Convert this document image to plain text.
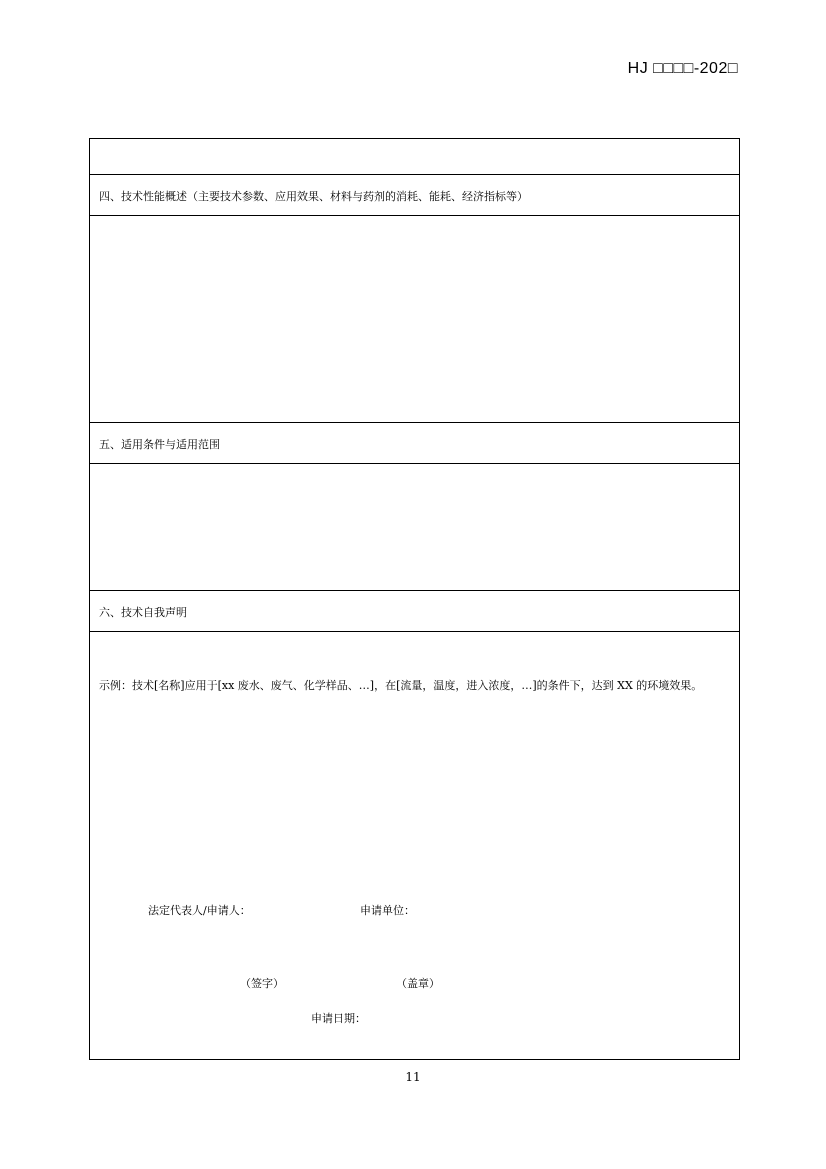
HJ □□□□-202□
四、技术性能概述（主要技术参数、应用效果、材料与药剂的消耗、能耗、经济指标等）
五、适用条件与适用范围
六、技术自我声明
示例：技术[名称]应用于[xx 废水、废气、化学样品、…]，在[流量，温度，进入浓度，…]的条件下，达到 XX 的环境效果。
法定代表人/申请人：	申请单位：
（签字）	（盖章）
申请日期：
11
